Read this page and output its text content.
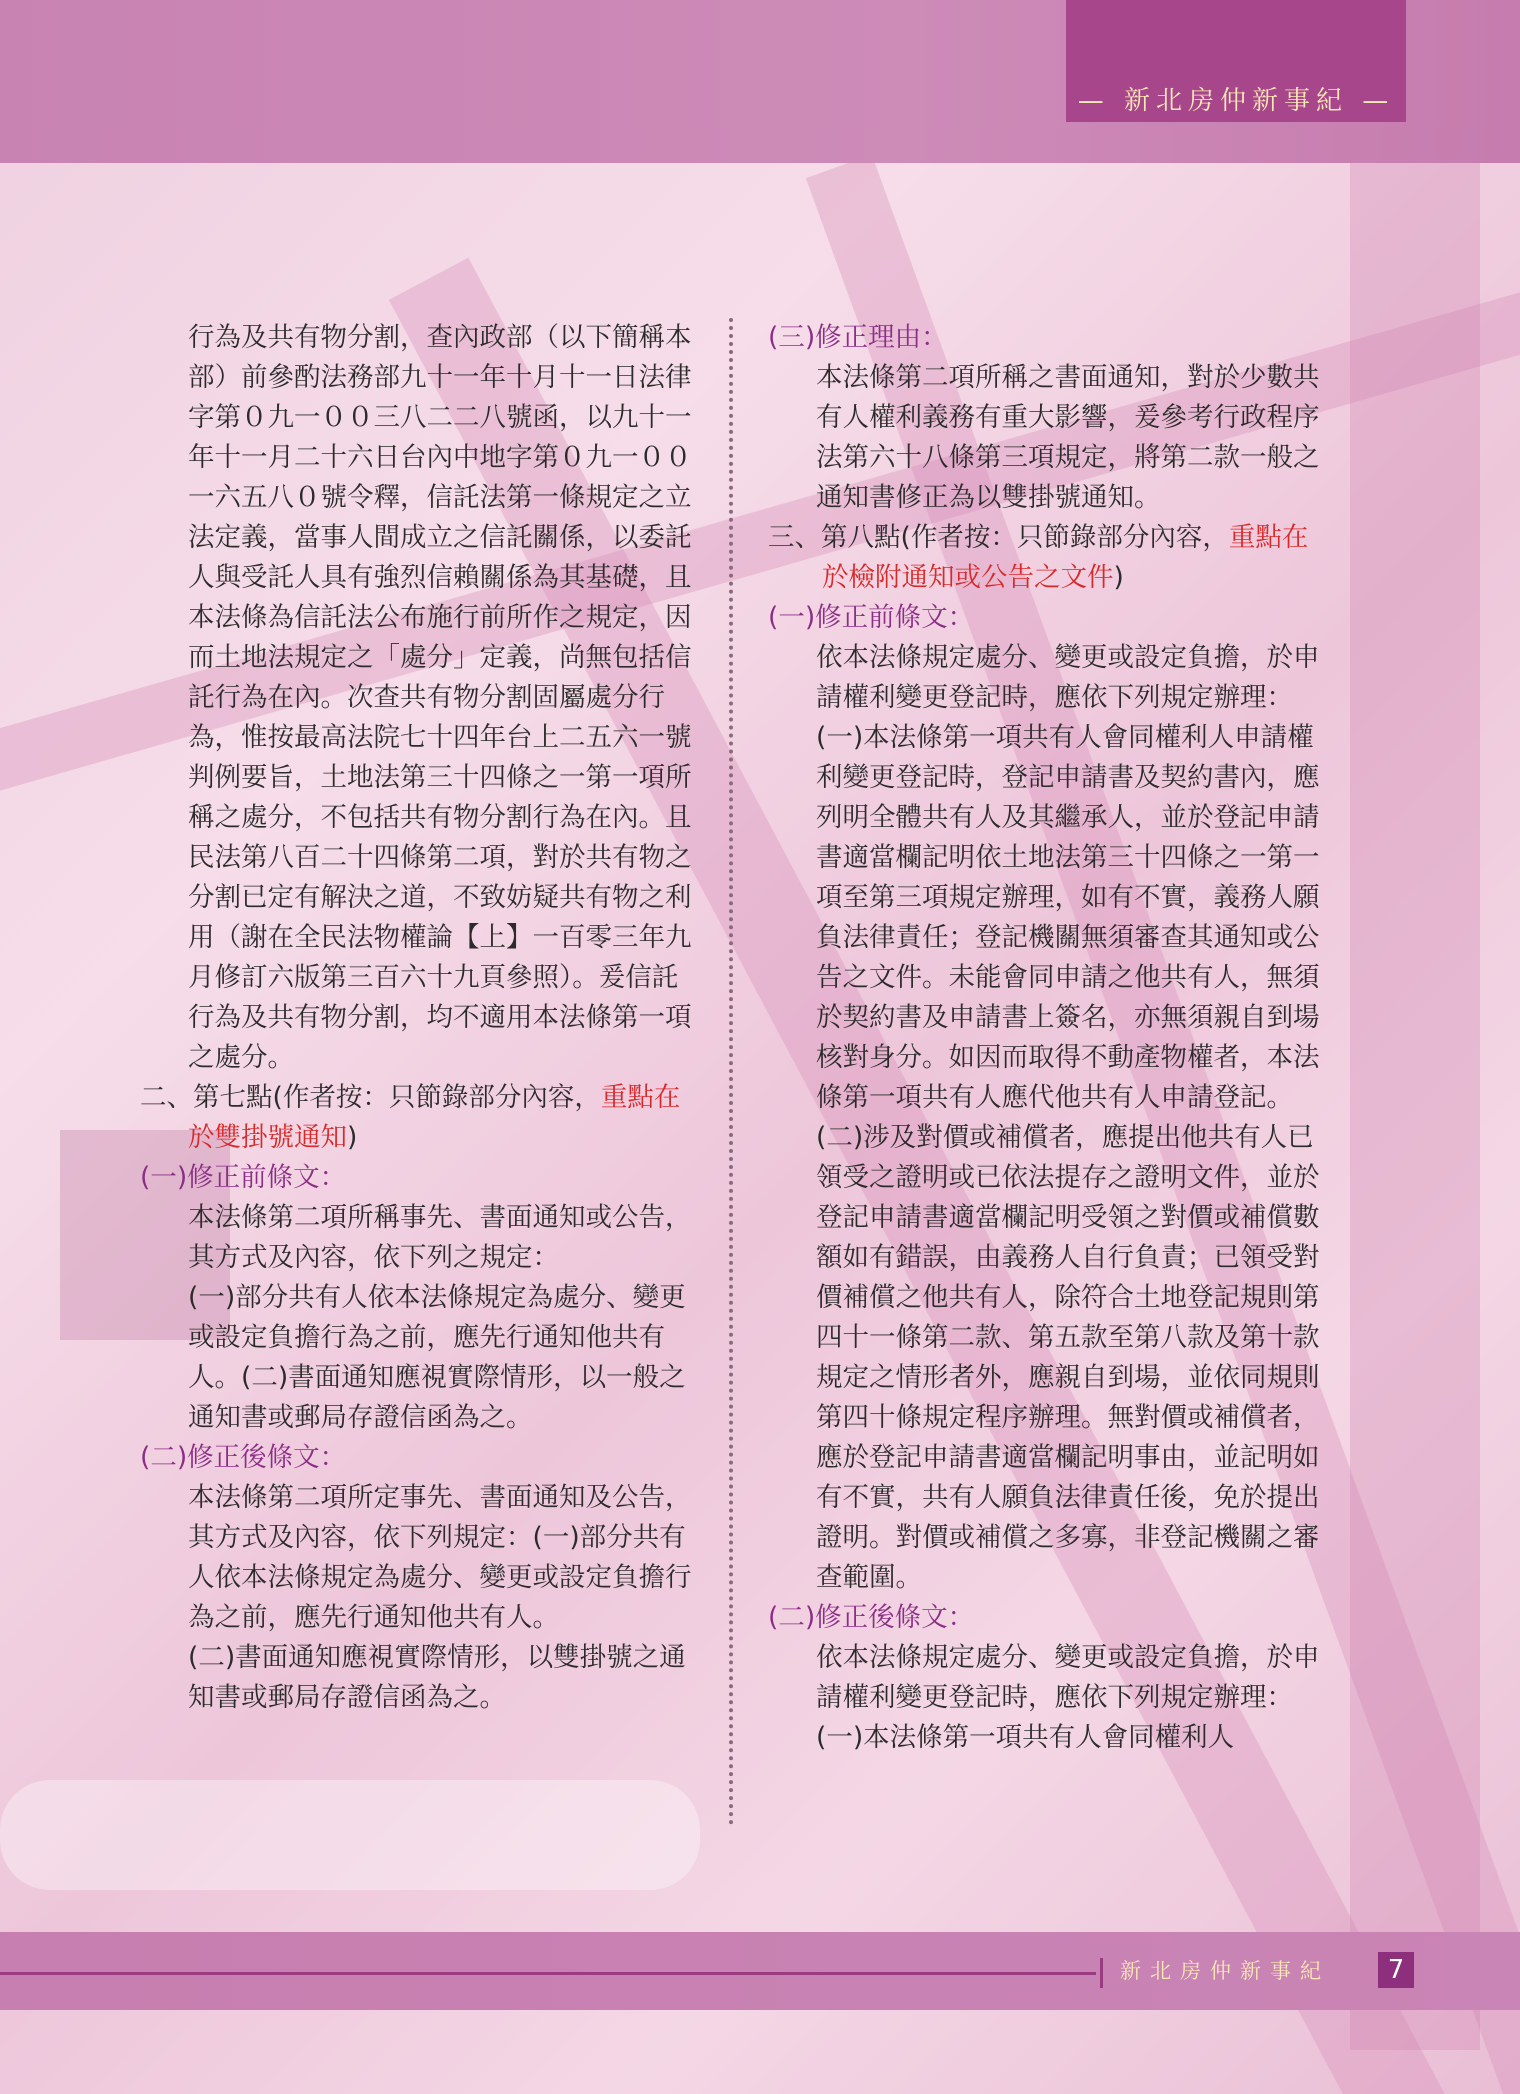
— 新北房仲新事紀 —

行為及共有物分割，查內政部（以下簡稱本部）前參酌法務部九十一年十月十一日法律字第０九一００三八二二八號函，以九十一年十一月二十六日台內中地字第０九一００一六五八０號令釋，信託法第一條規定之立法定義，當事人間成立之信託關係，以委託人與受託人具有強烈信賴關係為其基礎，且本法條為信託法公布施行前所作之規定，因而土地法規定之「處分」定義，尚無包括信託行為在內。次查共有物分割固屬處分行為，惟按最高法院七十四年台上二五六一號判例要旨，土地法第三十四條之一第一項所稱之處分，不包括共有物分割行為在內。且民法第八百二十四條第二項，對於共有物之分割已定有解決之道，不致妨疑共有物之利用（謝在全民法物權論【上】一百零三年九月修訂六版第三百六十九頁參照）。爰信託行為及共有物分割，均不適用本法條第一項之處分。

二、第七點(作者按：只節錄部分內容，重點在於雙掛號通知)

(一)修正前條文：

本法條第二項所稱事先、書面通知或公告，其方式及內容，依下列之規定：

(一)部分共有人依本法條規定為處分、變更或設定負擔行為之前，應先行通知他共有人。(二)書面通知應視實際情形，以一般之通知書或郵局存證信函為之。

(二)修正後條文：

本法條第二項所定事先、書面通知及公告，其方式及內容，依下列規定：(一)部分共有人依本法條規定為處分、變更或設定負擔行為之前，應先行通知他共有人。

(二)書面通知應視實際情形，以雙掛號之通知書或郵局存證信函為之。

(三)修正理由：

本法條第二項所稱之書面通知，對於少數共有人權利義務有重大影響，爰參考行政程序法第六十八條第三項規定，將第二款一般之通知書修正為以雙掛號通知。

三、第八點(作者按：只節錄部分內容，重點在於檢附通知或公告之文件)

(一)修正前條文：

依本法條規定處分、變更或設定負擔，於申請權利變更登記時，應依下列規定辦理：(一)本法條第一項共有人會同權利人申請權利變更登記時，登記申請書及契約書內，應列明全體共有人及其繼承人，並於登記申請書適當欄記明依土地法第三十四條之一第一項至第三項規定辦理，如有不實，義務人願負法律責任；登記機關無須審查其通知或公告之文件。未能會同申請之他共有人，無須於契約書及申請書上簽名，亦無須親自到場核對身分。如因而取得不動產物權者，本法條第一項共有人應代他共有人申請登記。(二)涉及對價或補償者，應提出他共有人已領受之證明或已依法提存之證明文件，並於登記申請書適當欄記明受領之對價或補償數額如有錯誤，由義務人自行負責；已領受對價補償之他共有人，除符合土地登記規則第四十一條第二款、第五款至第八款及第十款規定之情形者外，應親自到場，並依同規則第四十條規定程序辦理。無對價或補償者，應於登記申請書適當欄記明事由，並記明如有不實，共有人願負法律責任後，免於提出證明。對價或補償之多寡，非登記機關之審查範圍。

(二)修正後條文：

依本法條規定處分、變更或設定負擔，於申請權利變更登記時，應依下列規定辦理：(一)本法條第一項共有人會同權利人

新北房仲新事紀	7
